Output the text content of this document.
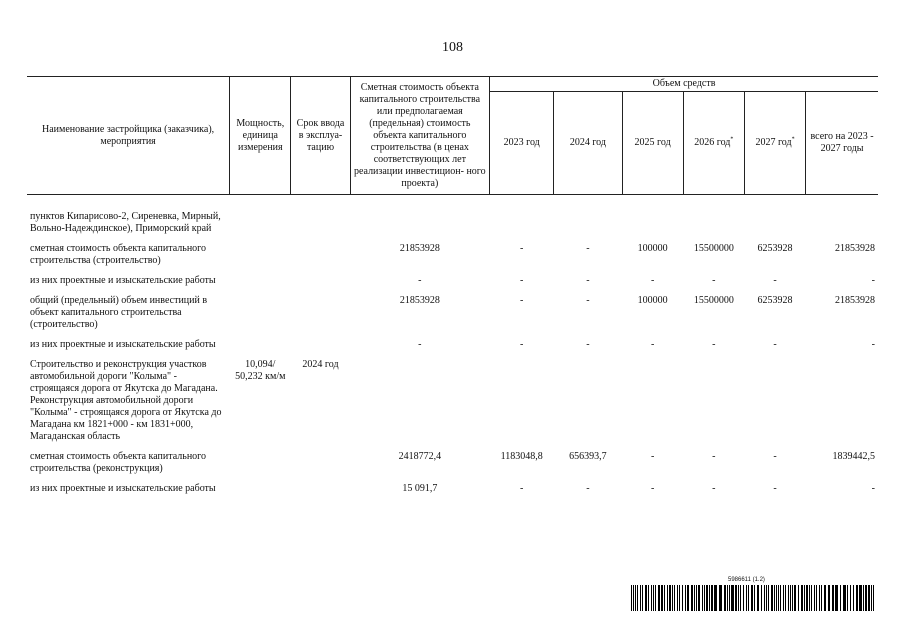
108
Наименование застройщика (заказчика), мероприятия	Мощность, единица измерения	Срок ввода в эксплуа- тацию	Сметная стоимость объекта капитального строительства или предполагаемая (предельная) стоимость объекта капитального строительства (в ценах соответствующих лет реализации инвестицион- ного проекта)	Объем средств					
				2023 год	2024 год	2025 год	2026 год*	2027 год*	всего на 2023 - 2027 годы
пунктов Кипарисово-2, Сиреневка, Мирный, Вольно-Надеждинское), Приморский край									
сметная стоимость объекта капитального строительства (строительство)			21853928	-	-	100000	15500000	6253928	21853928
из них проектные и изыскательские работы			-	-	-	-	-	-	-
общий (предельный) объем инвестиций в объект капитального строительства (строительство)			21853928	-	-	100000	15500000	6253928	21853928
из них проектные и изыскательские работы			-	-	-	-	-	-	-
Строительство и реконструкция участков автомобильной дороги "Колыма" - строящаяся дорога от Якутска до Магадана. Реконструкция автомобильной дороги "Колыма" - строящаяся дорога от Якутска до Магадана км 1821+000 - км 1831+000, Магаданская область	10,094/ 50,232 км/м	2024 год							
сметная стоимость объекта капитального строительства (реконструкция)			2418772,4	1183048,8	656393,7	-	-	-	1839442,5
из них проектные и изыскательские работы			15 091,7	-	-	-	-	-	-
5986611 (1.2)
